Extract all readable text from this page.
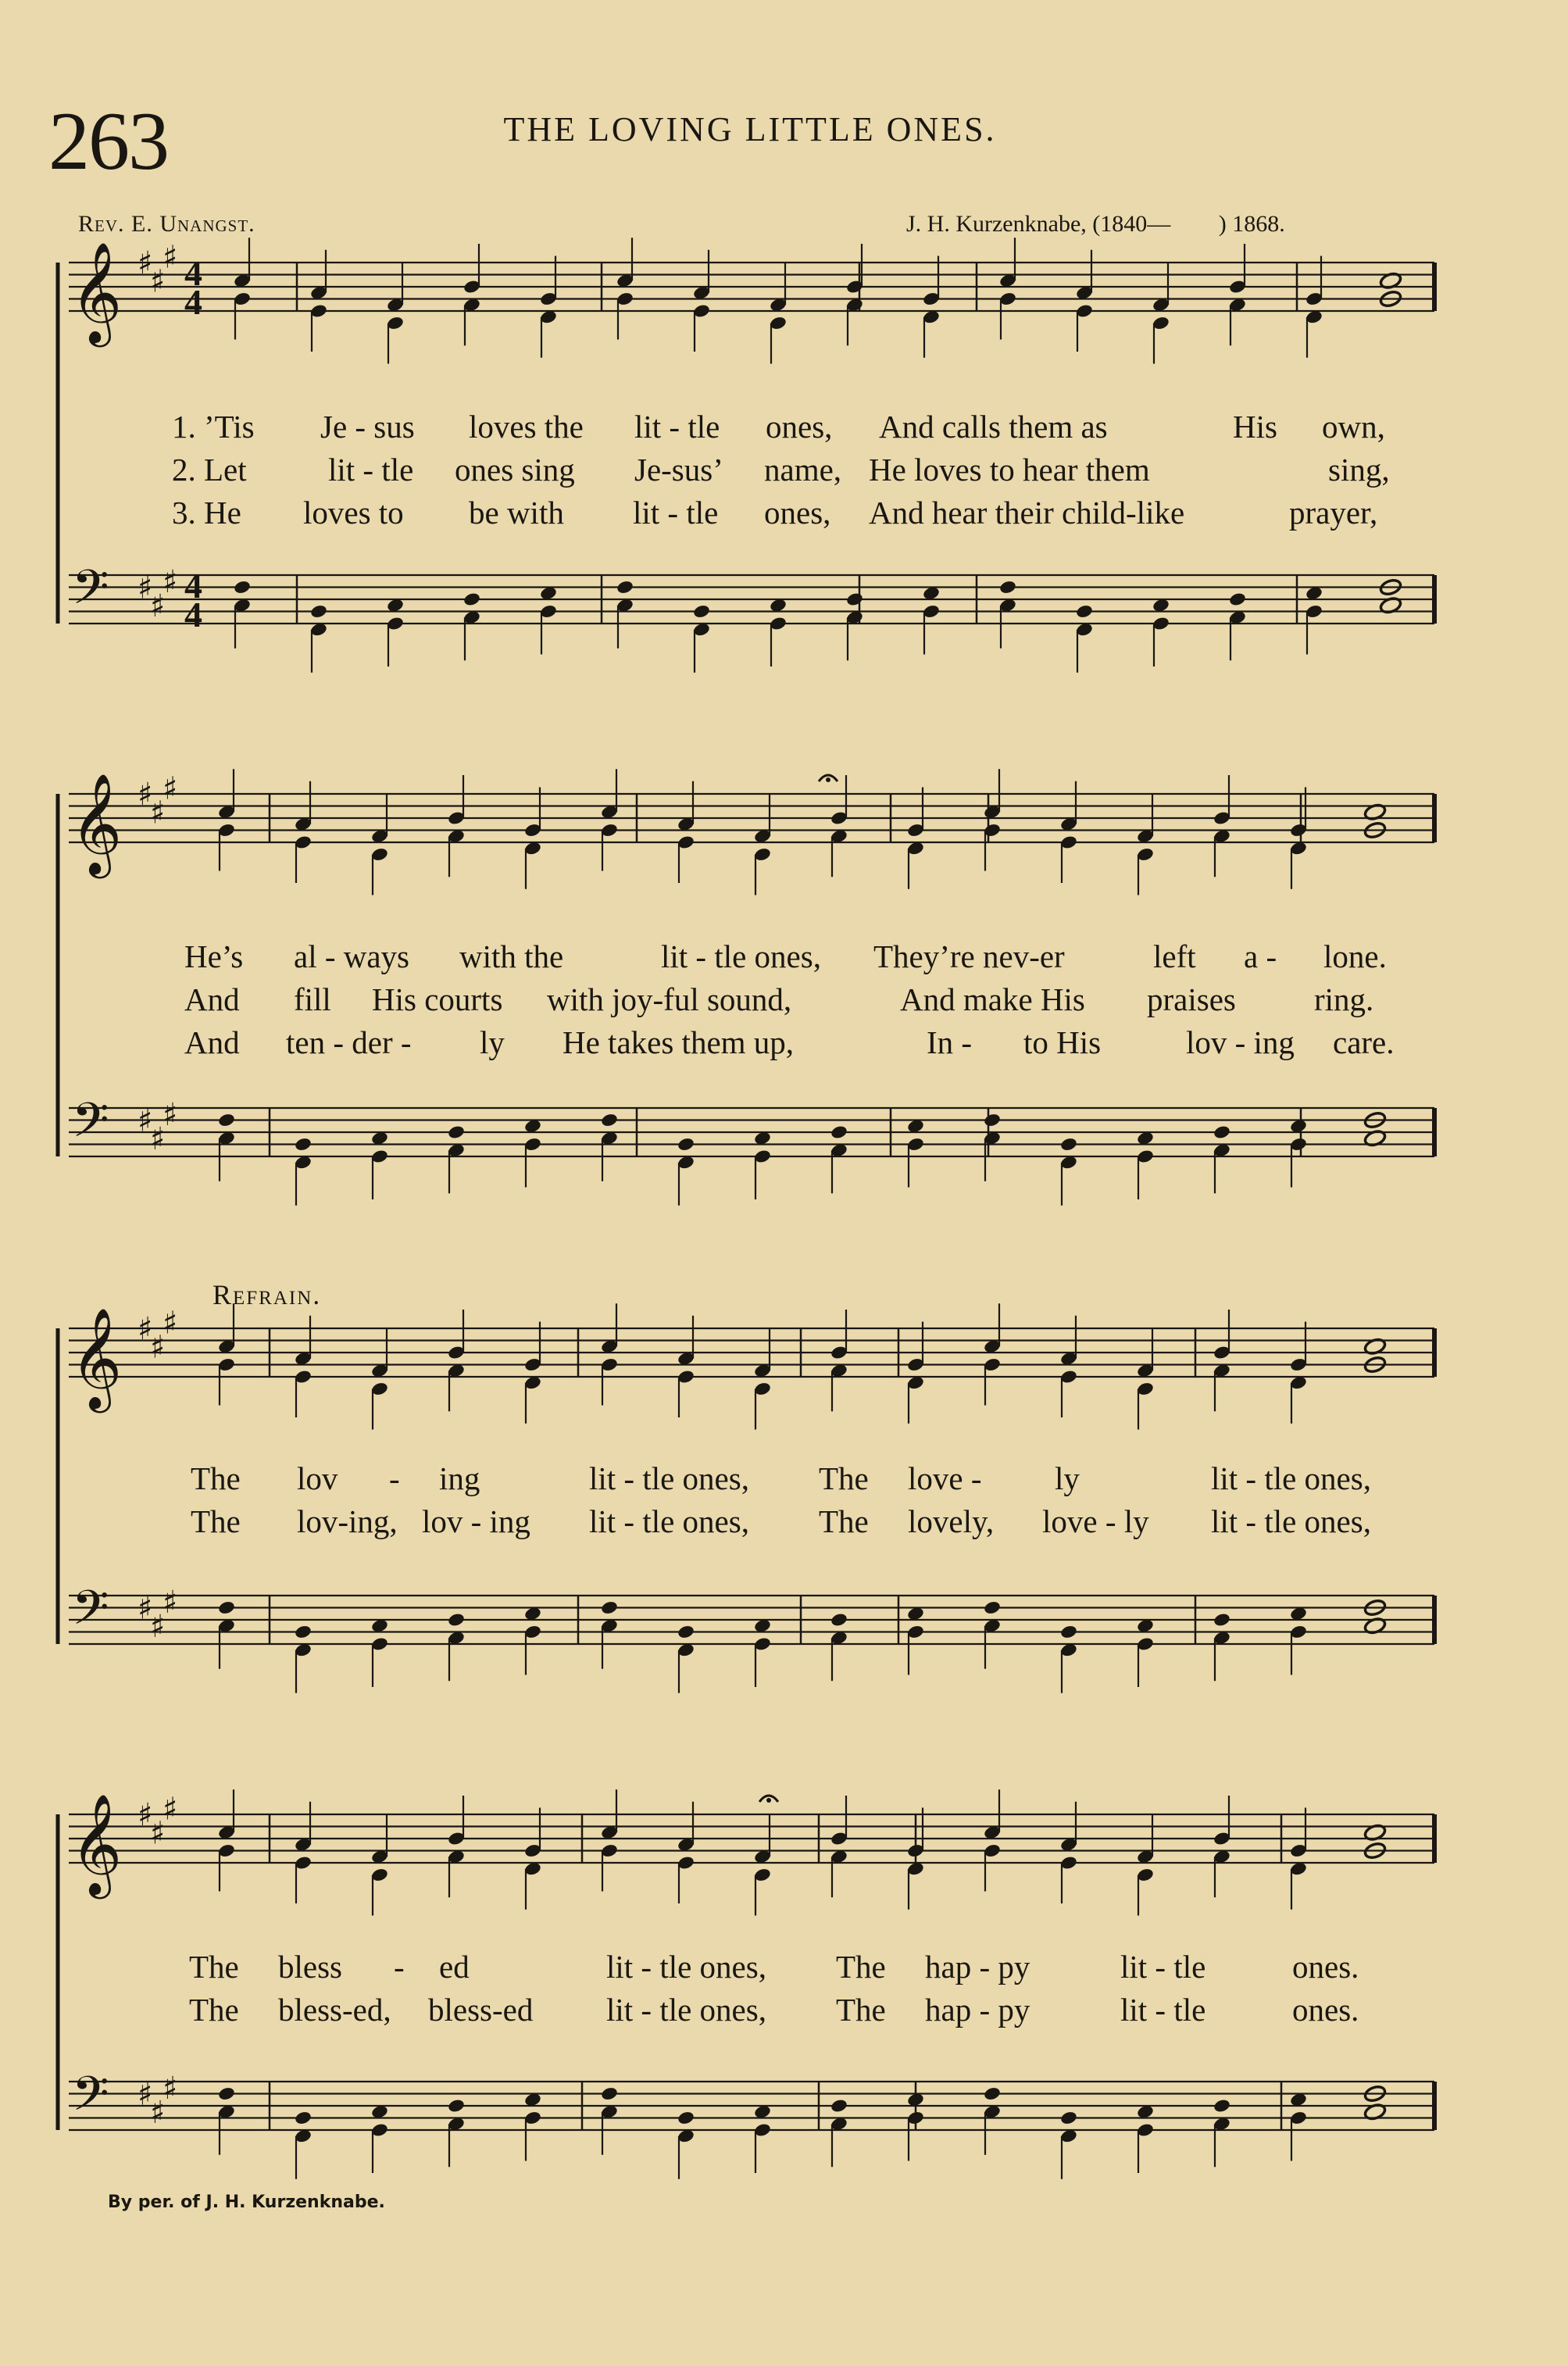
263	THE LOVING LITTLE ONES.
Rev. E. Unangst.	J. H. Kurzenknabe, (1840— ) 1868.
𝄞
𝄢
♯
♯
♯
♯
♯
♯
4
4
4
4
𝄞
𝄢
♯
♯
♯
♯
♯
♯
𝄞
𝄢
♯
♯
♯
♯
♯
♯
𝄞
𝄢
♯
♯
♯
♯
♯
♯
Refrain.

1. ’Tis

Je - sus

loves the

lit - tle

ones,

And calls them as

	His

own,

2. Let

	lit - tle

ones sing

Je-sus’

name,

He loves to hear them

	sing,

3. He

loves to

be with

lit - tle

ones,

And hear their child-like

	prayer,

He’s

al - ways

with the

	lit - tle ones,

They’re nev-er

	left

a -

lone.

And

fill

His courts

with joy-ful sound,

	And make His

praises

ring.

And

ten - der -

ly

He takes them up,

	In -

to His

	lov - ing

care.

The

lov

-

ing

	lit - tle ones,

The

love -

ly

	lit - tle ones,

The

lov-ing,

lov - ing

lit - tle ones,

The

lovely,

love - ly

lit - tle ones,

The

bless

-

ed

	lit - tle ones,

The

hap - py

	lit - tle

	ones.

The

bless-ed,

bless-ed

lit - tle ones,

The

hap - py

	lit - tle

	ones.

By per. of J. H. Kurzenknabe.
